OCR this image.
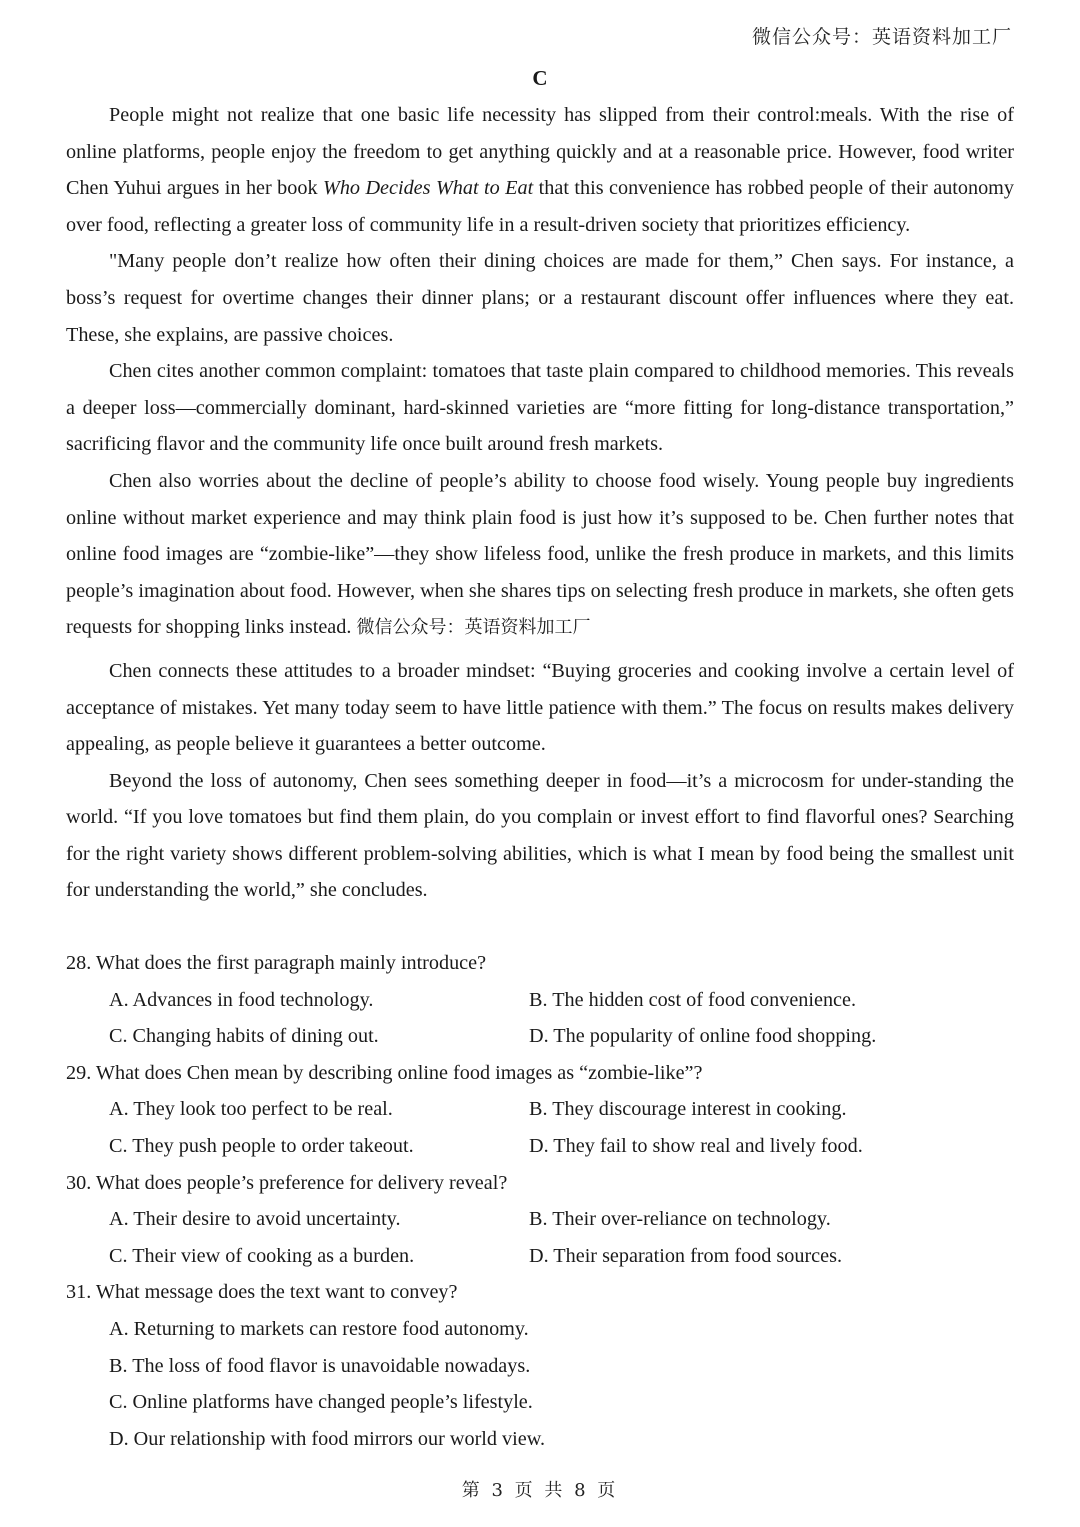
微信公众号：英语资料加工厂
C

People might not realize that one basic life necessity has slipped from their control:meals. With the rise of online platforms, people enjoy the freedom to get anything quickly and at a reasonable price. However, food writer Chen Yuhui argues in her book Who Decides What to Eat that this convenience has robbed people of their autonomy over food, reflecting a greater loss of community life in a result-driven society that prioritizes efficiency.

"Many people don’t realize how often their dining choices are made for them,” Chen says. For instance, a boss’s request for overtime changes their dinner plans; or a restaurant discount offer influences where they eat. These, she explains, are passive choices.

Chen cites another common complaint: tomatoes that taste plain compared to childhood memories. This reveals a deeper loss—commercially dominant, hard-skinned varieties are “more fitting for long-distance transportation,” sacrificing flavor and the community life once built around fresh markets.

Chen also worries about the decline of people’s ability to choose food wisely. Young people buy ingredients online without market experience and may think plain food is just how it’s supposed to be. Chen further notes that online food images are “zombie-like”—they show lifeless food, unlike the fresh produce in markets, and this limits people’s imagination about food. However, when she shares tips on selecting fresh produce in markets, she often gets requests for shopping links instead. 微信公众号：英语资料加工厂

Chen connects these attitudes to a broader mindset: “Buying groceries and cooking involve a certain level of acceptance of mistakes. Yet many today seem to have little patience with them.” The focus on results makes delivery appealing, as people believe it guarantees a better outcome.

Beyond the loss of autonomy, Chen sees something deeper in food—it’s a microcosm for under-standing the world. “If you love tomatoes but find them plain, do you complain or invest effort to find flavorful ones? Searching for the right variety shows different problem-solving abilities, which is what I mean by food being the smallest unit for understanding the world,” she concludes.

28. What does the first paragraph mainly introduce?

A. Advances in food technology.	B. The hidden cost of food convenience.
C. Changing habits of dining out.	D. The popularity of online food shopping.

29. What does Chen mean by describing online food images as “zombie-like”?

A. They look too perfect to be real.	B. They discourage interest in cooking.
C. They push people to order takeout.	D. They fail to show real and lively food.

30. What does people’s preference for delivery reveal?

A. Their desire to avoid uncertainty.	B. Their over-reliance on technology.
C. Their view of cooking as a burden.	D. Their separation from food sources.

31. What message does the text want to convey?

A. Returning to markets can restore food autonomy.
B. The loss of food flavor is unavoidable nowadays.
C. Online platforms have changed people’s lifestyle.
D. Our relationship with food mirrors our world view.
第 3 页 共 8 页
